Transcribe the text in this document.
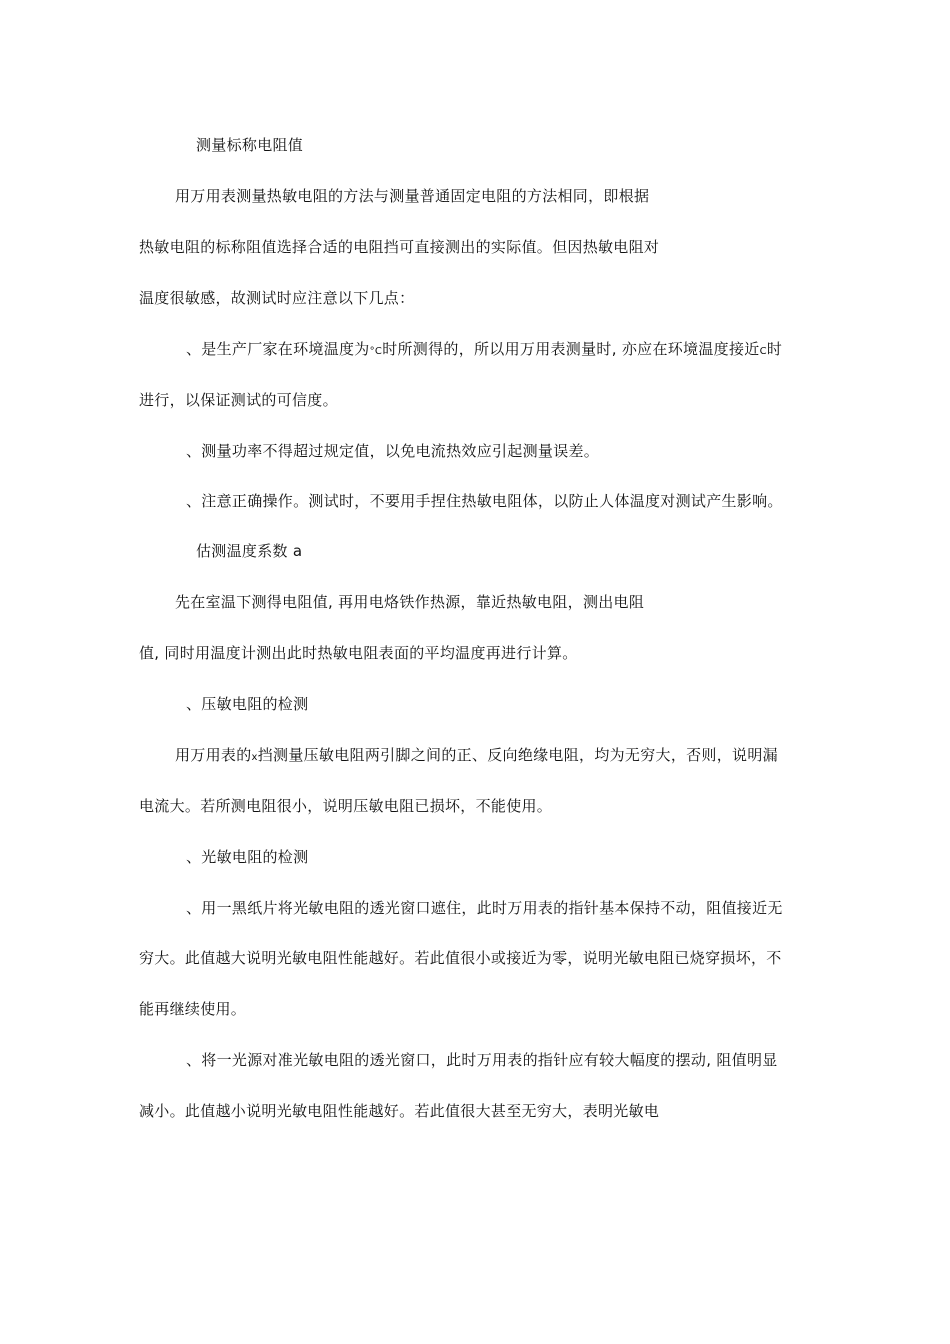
测量标称电阻值

用万用表测量热敏电阻的方法与测量普通固定电阻的方法相同，即根据

热敏电阻的标称阻值选择合适的电阻挡可直接测出的实际值。但因热敏电阻对

温度很敏感，故测试时应注意以下几点：

、是生产厂家在环境温度为°C时所测得的，所以用万用表测量时, 亦应在环境温度接近C时

进行，以保证测试的可信度。

、测量功率不得超过规定值，以免电流热效应引起测量误差。

、注意正确操作。测试时，不要用手捏住热敏电阻体，以防止人体温度对测试产生影响。

估测温度系数 a

先在室温下测得电阻值, 再用电烙铁作热源，靠近热敏电阻，测出电阻

值, 同时用温度计测出此时热敏电阻表面的平均温度再进行计算。

、压敏电阻的检测

用万用表的x挡测量压敏电阻两引脚之间的正、反向绝缘电阻，均为无穷大，否则，说明漏

电流大。若所测电阻很小，说明压敏电阻已损坏，不能使用。

、光敏电阻的检测

、用一黑纸片将光敏电阻的透光窗口遮住，此时万用表的指针基本保持不动，阻值接近无

穷大。此值越大说明光敏电阻性能越好。若此值很小或接近为零，说明光敏电阻已烧穿损坏，不

能再继续使用。

、将一光源对准光敏电阻的透光窗口，此时万用表的指针应有较大幅度的摆动, 阻值明显

减小。此值越小说明光敏电阻性能越好。若此值很大甚至无穷大，表明光敏电
